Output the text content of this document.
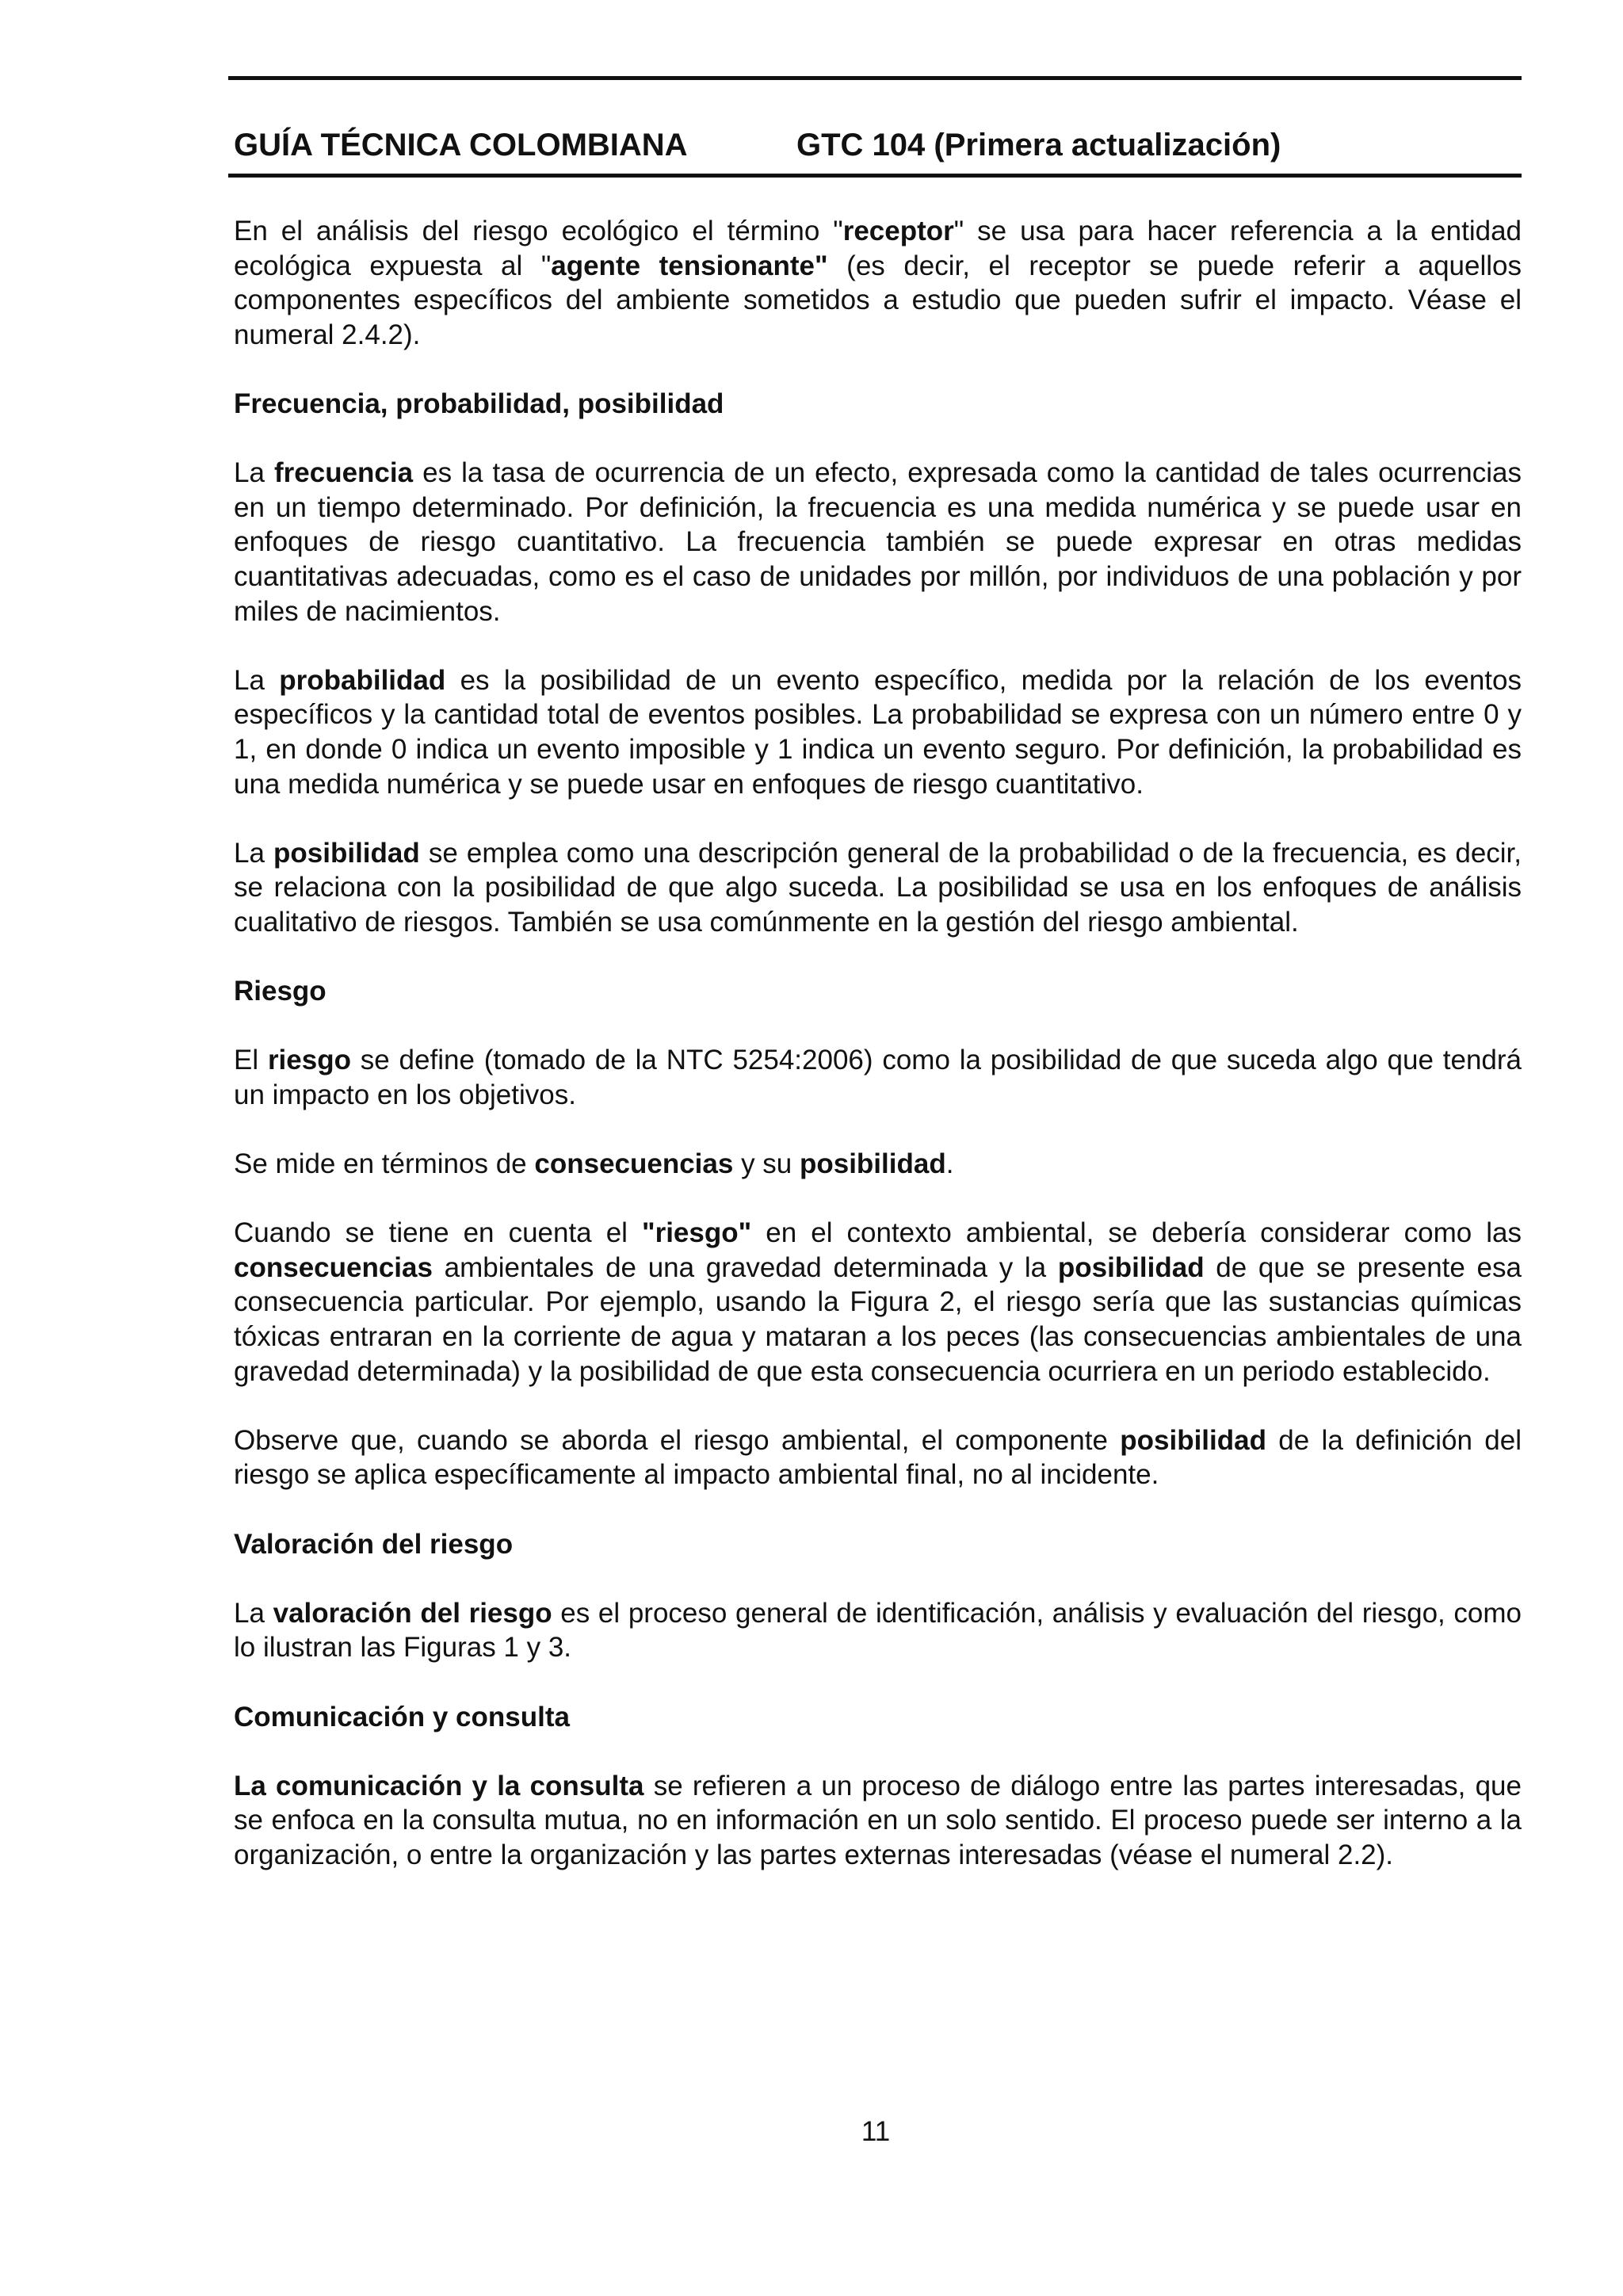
GUÍA TÉCNICA COLOMBIANA	GTC 104 (Primera actualización)

En el análisis del riesgo ecológico el término "receptor" se usa para hacer referencia a la entidad ecológica expuesta al "agente tensionante" (es decir, el receptor se puede referir a aquellos componentes específicos del ambiente sometidos a estudio que pueden sufrir el impacto. Véase el numeral 2.4.2).

Frecuencia, probabilidad, posibilidad

La frecuencia es la tasa de ocurrencia de un efecto, expresada como la cantidad de tales ocurrencias en un tiempo determinado. Por definición, la frecuencia es una medida numérica y se puede usar en enfoques de riesgo cuantitativo. La frecuencia también se puede expresar en otras medidas cuantitativas adecuadas, como es el caso de unidades por millón, por individuos de una población y por miles de nacimientos.

La probabilidad es la posibilidad de un evento específico, medida por la relación de los eventos específicos y la cantidad total de eventos posibles. La probabilidad se expresa con un número entre 0 y 1, en donde 0 indica un evento imposible y 1 indica un evento seguro. Por definición, la probabilidad es una medida numérica y se puede usar en enfoques de riesgo cuantitativo.

La posibilidad se emplea como una descripción general de la probabilidad o de la frecuencia, es decir, se relaciona con la posibilidad de que algo suceda. La posibilidad se usa en los enfoques de análisis cualitativo de riesgos. También se usa comúnmente en la gestión del riesgo ambiental.

Riesgo

El riesgo se define (tomado de la NTC 5254:2006) como la posibilidad de que suceda algo que tendrá un impacto en los objetivos.

Se mide en términos de consecuencias y su posibilidad.

Cuando se tiene en cuenta el "riesgo" en el contexto ambiental, se debería considerar como las consecuencias ambientales de una gravedad determinada y la posibilidad de que se presente esa consecuencia particular. Por ejemplo, usando la Figura 2, el riesgo sería que las sustancias químicas tóxicas entraran en la corriente de agua y mataran a los peces (las consecuencias ambientales de una gravedad determinada) y la posibilidad de que esta consecuencia ocurriera en un periodo establecido.

Observe que, cuando se aborda el riesgo ambiental, el componente posibilidad de la definición del riesgo se aplica específicamente al impacto ambiental final, no al incidente.

Valoración del riesgo

La valoración del riesgo es el proceso general de identificación, análisis y evaluación del riesgo, como lo ilustran las Figuras 1 y 3.

Comunicación y consulta

La comunicación y la consulta se refieren a un proceso de diálogo entre las partes interesadas, que se enfoca en la consulta mutua, no en información en un solo sentido. El proceso puede ser interno a la organización, o entre la organización y las partes externas interesadas (véase el numeral 2.2).

11
